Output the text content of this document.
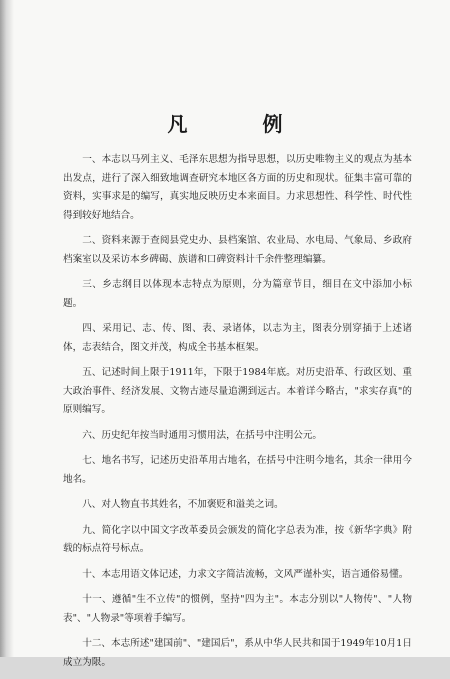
凡 例

一、本志以马列主义、毛泽东思想为指导思想，以历史唯物主义的观点为基本出发点，进行了深入细致地调查研究本地区各方面的历史和现状。征集丰富可靠的资料，实事求是的编写，真实地反映历史本来面目。力求思想性、科学性、时代性得到较好地结合。

二、资料来源于查阅县党史办、县档案馆、农业局、水电局、气象局、乡政府档案室以及采访本乡碑碣、族谱和口碑资料计千余件整理编纂。

三、乡志纲目以体现本志特点为原则，分为篇章节目，细目在文中添加小标题。

四、采用记、志、传、图、表、录诸体，以志为主，图表分别穿插于上述诸体，志表结合，图文并茂，构成全书基本框架。

五、记述时间上限于1911年，下限于1984年底。对历史沿革、行政区划、重大政治事件、经济发展、文物古迹尽量追溯到远古。本着详今略古，"求实存真"的原则编写。

六、历史纪年按当时通用习惯用法，在括号中注明公元。

七、地名书写，记述历史沿革用古地名，在括号中注明今地名，其余一律用今地名。

八、对人物直书其姓名，不加褒贬和溢美之词。

九、简化字以中国文字改革委员会颁发的简化字总表为准，按《新华字典》附载的标点符号标点。

十、本志用语文体记述，力求文字简洁流畅，文风严谨朴实，语言通俗易懂。

十一、遵循"生不立传"的惯例，坚持"四为主"。本志分别以"人物传"、"人物表"、"人物录"等项着手编写。

十二、本志所述"建国前"、"建国后"，系从中华人民共和国于1949年10月1日成立为限。
